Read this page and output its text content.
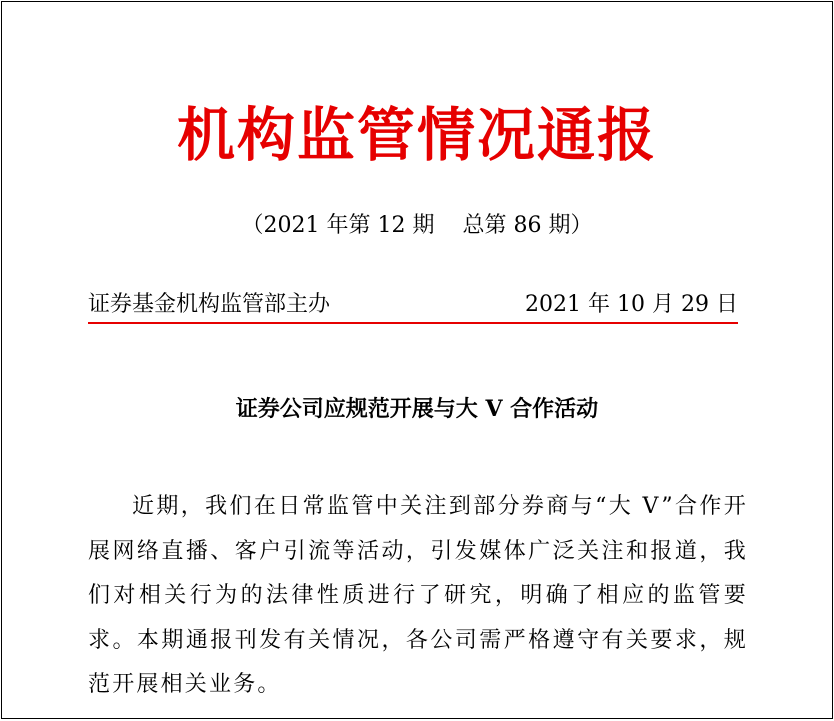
机构监管情况通报
（2021 年第 12 期    总第 86 期）
证券基金机构监管部主办	2021 年 10 月 29 日
证券公司应规范开展与大 V 合作活动
近期，我们在日常监管中关注到部分券商与“大 V”合作开展网络直播、客户引流等活动，引发媒体广泛关注和报道，我们对相关行为的法律性质进行了研究，明确了相应的监管要求。本期通报刊发有关情况，各公司需严格遵守有关要求，规范开展相关业务。
